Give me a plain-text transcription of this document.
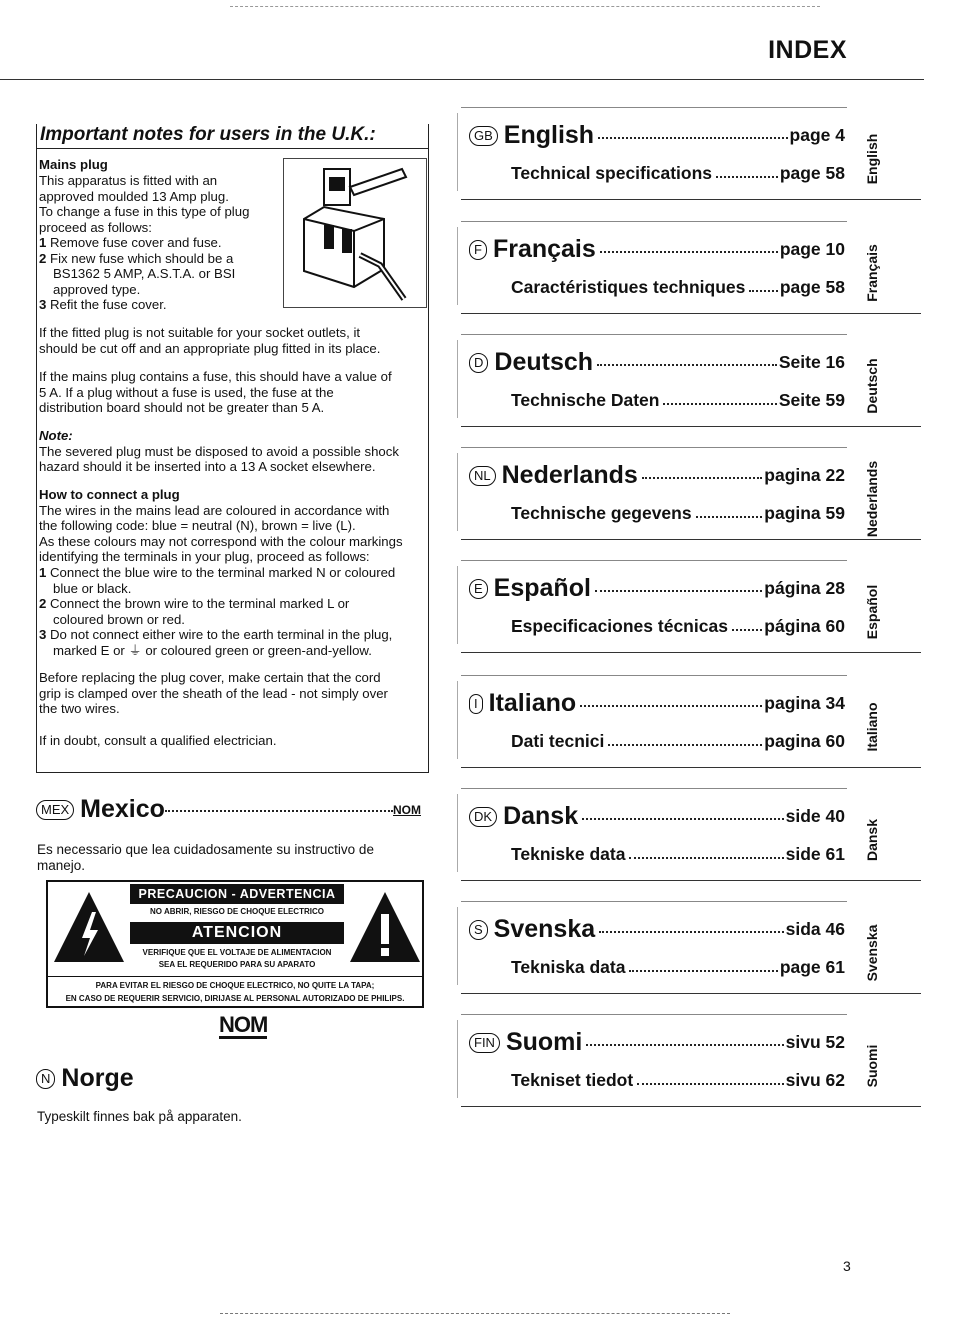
INDEX
Important notes for users in the U.K.:
Mains plug
This apparatus is fitted with an
approved moulded 13 Amp plug.
To change a fuse in this type of plug
proceed as follows:
1 Remove fuse cover and fuse.
2 Fix new fuse which should be a
BS1362 5 AMP, A.S.T.A. or BSI
approved type.
3 Refit the fuse cover.
If the fitted plug is not suitable for your socket outlets, it
should be cut off and an appropriate plug fitted in its place.
If the mains plug contains a fuse, this should have a value of
5 A. If a plug without a fuse is used, the fuse at the
distribution board should not be greater than 5 A.
Note:
The severed plug must be disposed to avoid a possible shock
hazard should it be inserted into a 13 A socket elsewhere.
How to connect a plug
The wires in the mains lead are coloured in accordance with
the following code: blue = neutral (N), brown = live (L).
As these colours may not correspond with the colour markings
identifying the terminals in your plug, proceed as follows:
1 Connect the blue wire to the terminal marked N or coloured
blue or black.
2 Connect the brown wire to the terminal marked L or
coloured brown or red.
3 Do not connect either wire to the earth terminal in the plug,
marked E or ⏚ or coloured green or green-and-yellow.
Before replacing the plug cover, make certain that the cord
grip is clamped over the sheath of the lead - not simply over
the two wires.
If in doubt, consult a qualified electrician.
MEX Mexico	NOM
Es necessario que lea cuidadosamente su instructivo de manejo.
PRECAUCION - ADVERTENCIA
NO ABRIR, RIESGO DE CHOQUE ELECTRICO
ATENCION
VERIFIQUE QUE EL VOLTAJE DE ALIMENTACION
SEA EL REQUERIDO PARA SU APARATO
PARA EVITAR EL RIESGO DE CHOQUE ELECTRICO, NO QUITE LA TAPA;
EN CASO DE REQUERIR SERVICIO, DIRIJASE AL PERSONAL AUTORIZADO DE PHILIPS.
NOM
N Norge
Typeskilt finnes bak på apparaten.
GB English	page 4
Technical specifications	page 58 English
F Français	page 10
Caractéristiques techniques page 58 Français
D Deutsch	Seite 16
Technische Daten	Seite 59 Deutsch
NL Nederlands	pagina 22
Technische gegevens	pagina 59 Nederlands
E Español	página 28
Especificaciones técnicas página 60 Español
I Italiano	pagina 34
Dati tecnici	pagina 60 Italiano
DK Dansk	side 40
Tekniske data	side 61 Dansk
S Svenska	sida 46
Tekniska data	page 61 Svenska
FIN Suomi	sivu 52
Tekniset tiedot	sivu 62 Suomi
3
